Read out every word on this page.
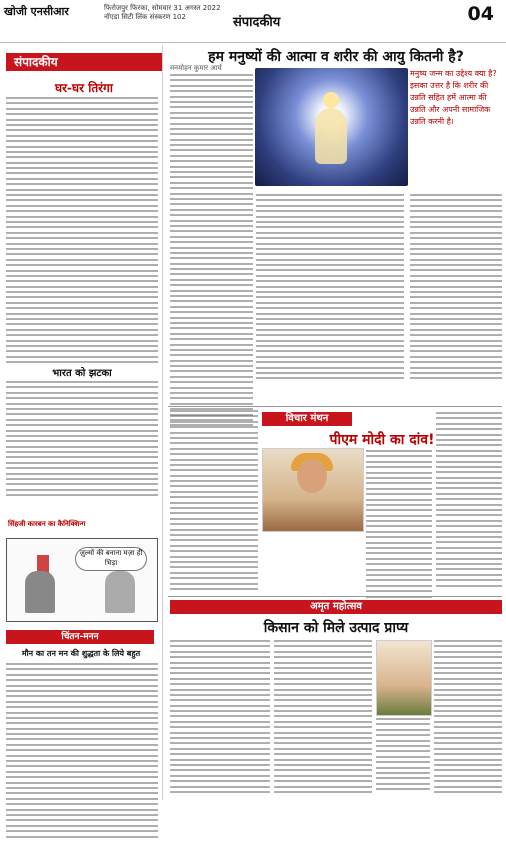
खोजी एनसीआर	फिरोजपुर फिरका, सोमवार 31 अगस्त 2022
नॉएडा सिटी लिंक संस्करण 102	संपादकीय	04
संपादकीय
घर-घर तिरंगा
भारत को झटका
सिंहजी कारबन का कैनिक्शिन्ग
ज़ुल्मों की बनाना मज़ा ही भिड़ा
चिंतन-मनन
मौन का तन मन की शुद्धता के लिये बहुत
हम मनुष्यों की आत्मा व शरीर की आयु कितनी है?
मनमोहन कुमार आर्य
मनुष्य जन्म का उद्देश्य क्या है? इसका उत्तर है कि शरीर की उन्नति सहित हमें आत्मा की उन्नति और अपनी सामाजिक उन्नति करनी है।
विचार मंथन
पीएम मोदी का दांव!
अमृत महोत्सव
किसान को मिले उत्पाद प्राप्य
